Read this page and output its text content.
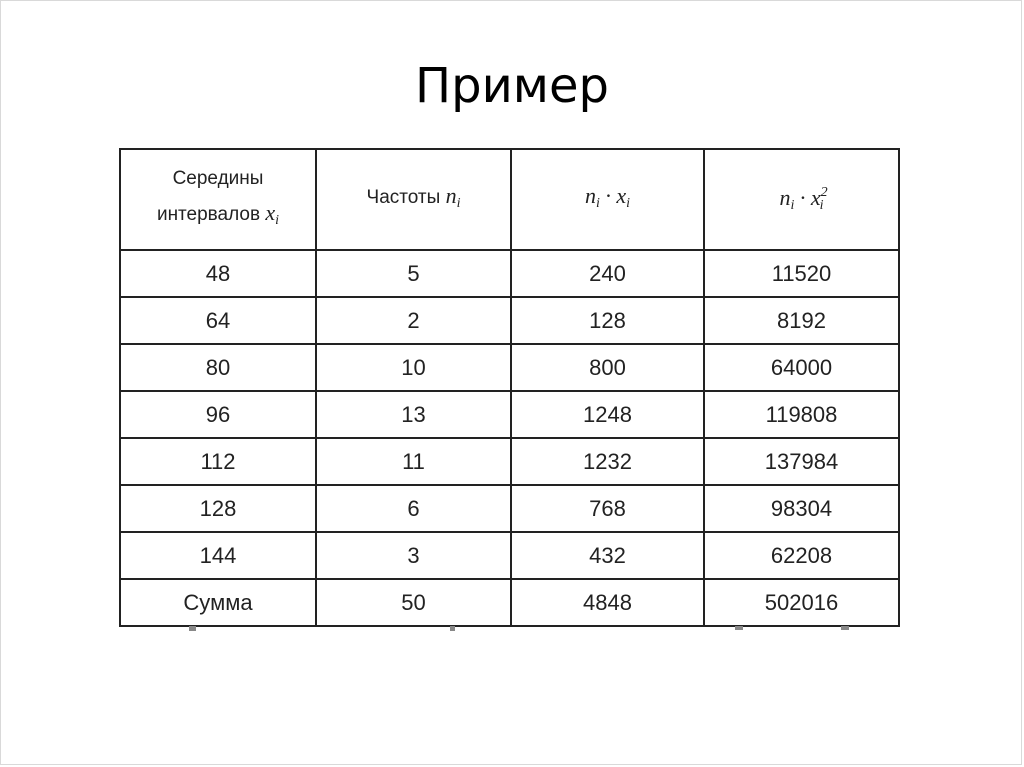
Пример
Середины
интервалов $x_i$	Частоты $n_i$	$n_i \cdot x_i$	$n_i \cdot x^2_i$
48	5	240	11520
64	2	128	8192
80	10	800	64000
96	13	1248	119808
112	11	1232	137984
128	6	768	98304
144	3	432	62208
Сумма	50	4848	502016
